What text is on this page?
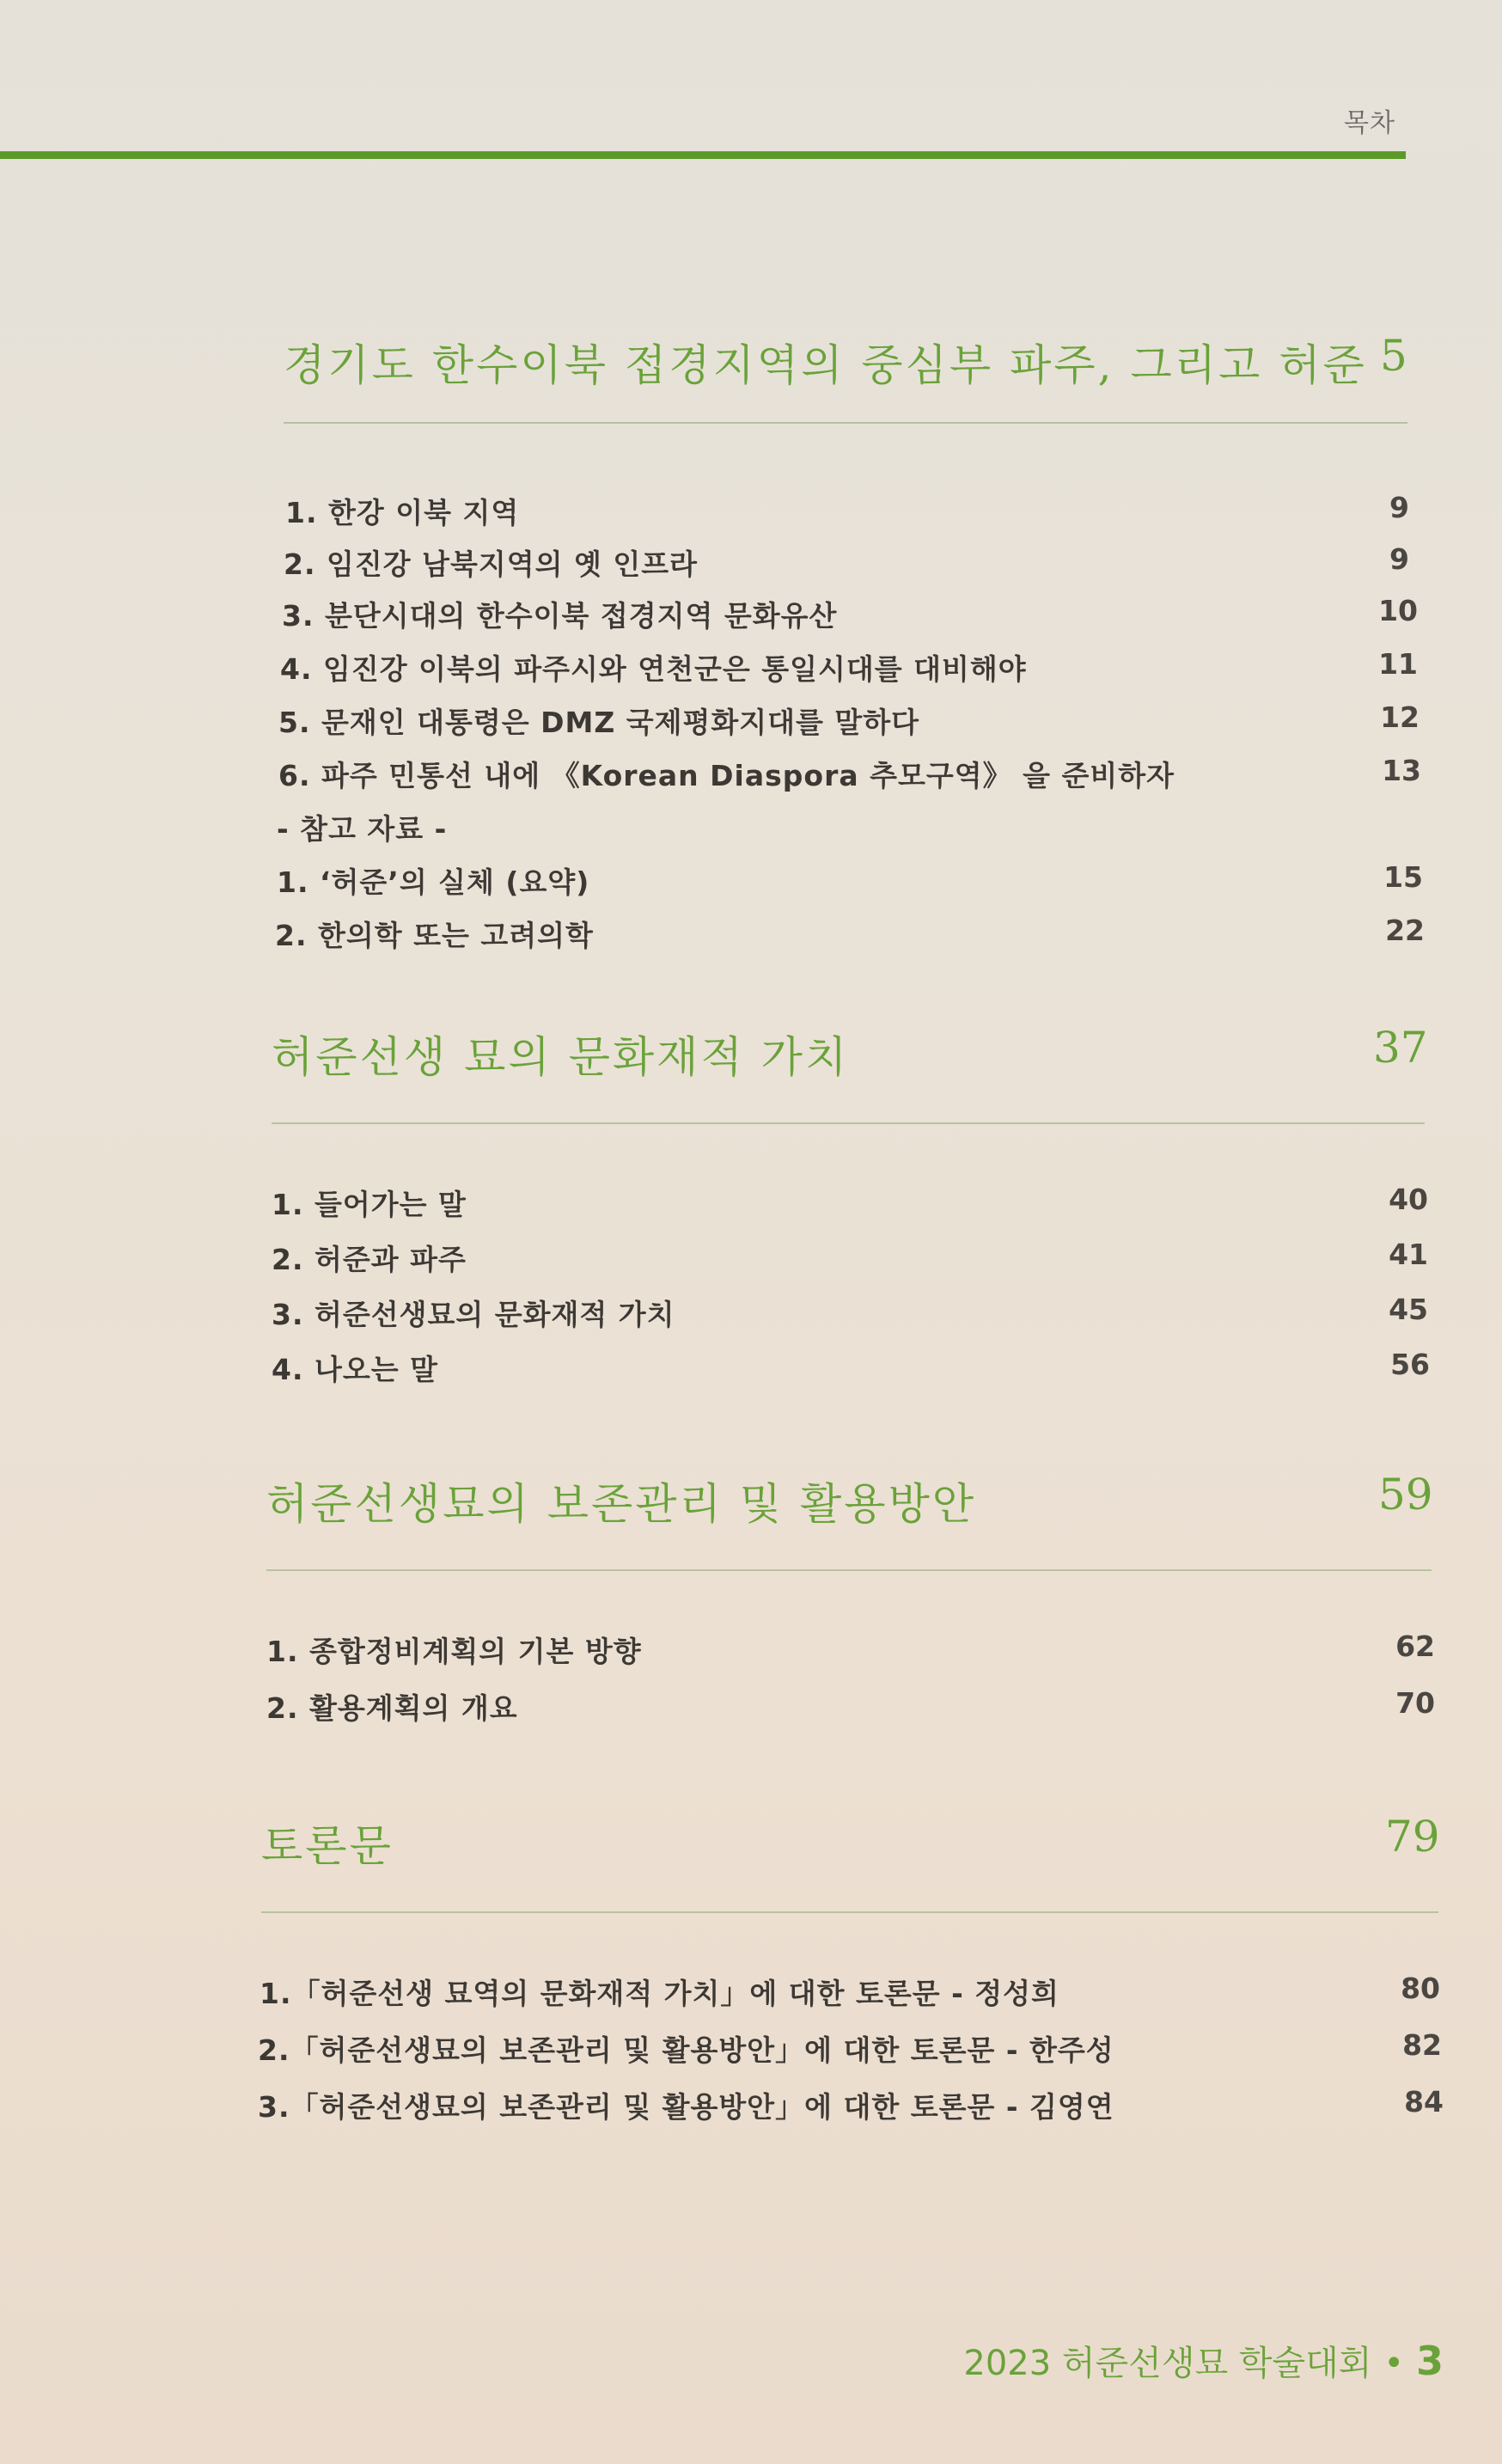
목차
경기도 한수이북 접경지역의 중심부 파주, 그리고 허준 5
1. 한강 이북 지역	9
2. 임진강 남북지역의 옛 인프라	9
3. 분단시대의 한수이북 접경지역 문화유산	10
4. 임진강 이북의 파주시와 연천군은 통일시대를 대비해야	11
5. 문재인 대통령은 DMZ 국제평화지대를 말하다	12
6. 파주 민통선 내에 《Korean Diaspora 추모구역》 을 준비하자	13
- 참고 자료 -
1. ‘허준’의 실체 (요약)	15
2. 한의학 또는 고려의학	22
허준선생 묘의 문화재적 가치	37
1. 들어가는 말	40
2. 허준과 파주	41
3. 허준선생묘의 문화재적 가치	45
4. 나오는 말	56
허준선생묘의 보존관리 및 활용방안	59
1. 종합정비계획의 기본 방향	62
2. 활용계획의 개요	70
토론문	79
1.「허준선생 묘역의 문화재적 가치」에 대한 토론문 - 정성희	80
2.「허준선생묘의 보존관리 및 활용방안」에 대한 토론문 - 한주성	82
3.「허준선생묘의 보존관리 및 활용방안」에 대한 토론문 - 김영연	84
2023 허준선생묘 학술대회 • 3
